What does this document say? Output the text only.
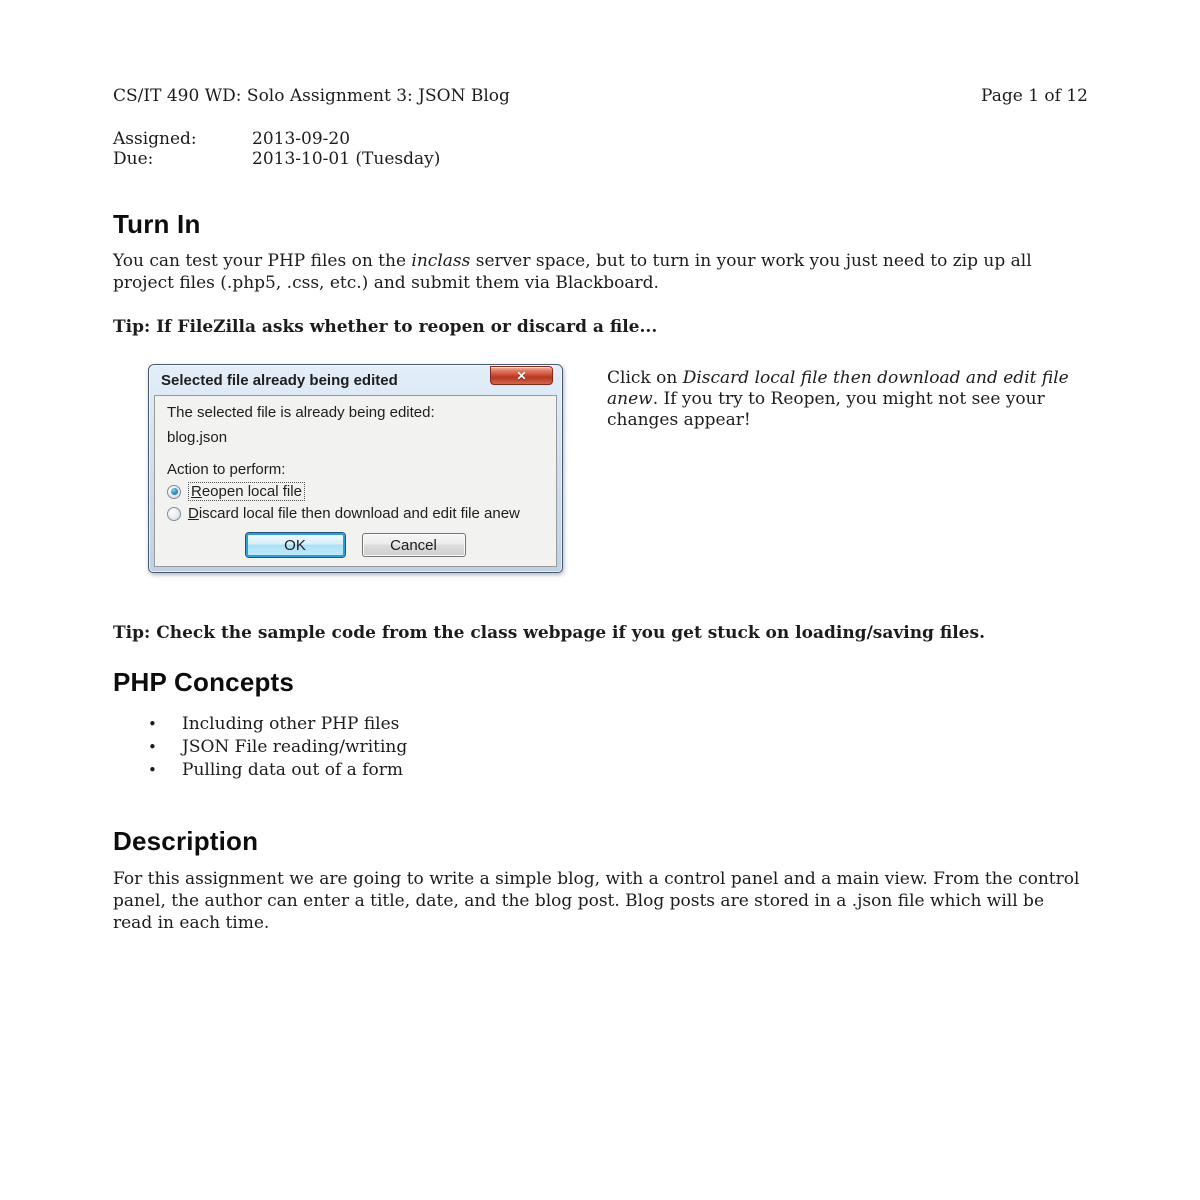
CS/IT 490 WD: Solo Assignment 3: JSON Blog	Page 1 of 12
Assigned:	2013-09-20
Due:	2013-10-01 (Tuesday)
Turn In

You can test your PHP files on the inclass server space, but to turn in your work you just need to zip up all project files (.php5, .css, etc.) and submit them via Blackboard.

Tip: If FileZilla asks whether to reopen or discard a file...

Selected file already being edited	✕
The selected file is already being edited:
blog.json
Action to perform:
Reopen local file
Discard local file then download and edit file anew
OK	Cancel

Click on Discard local file then download and edit file anew. If you try to Reopen, you might not see your changes appear!

Tip: Check the sample code from the class webpage if you get stuck on loading/saving files.

PHP Concepts
•	Including other PHP files
•	JSON File reading/writing
•	Pulling data out of a form
Description

For this assignment we are going to write a simple blog, with a control panel and a main view. From the control panel, the author can enter a title, date, and the blog post. Blog posts are stored in a .json file which will be read in each time.
